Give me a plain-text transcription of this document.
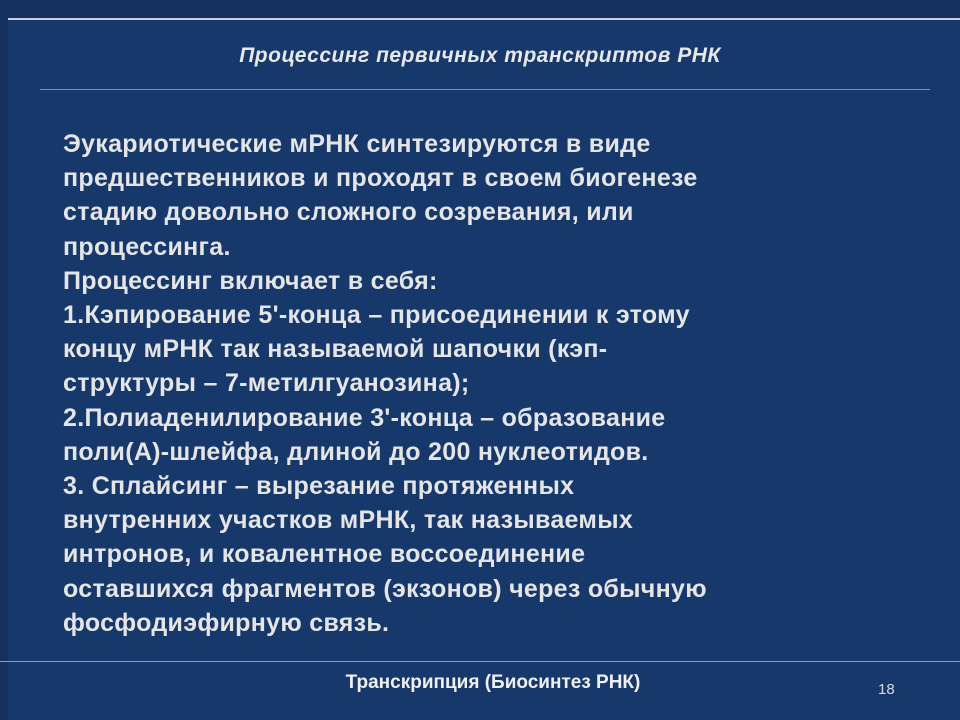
Процессинг первичных транскриптов РНК
Эукариотические мРНК синтезируются в виде
предшественников и проходят в своем биогенезе
стадию довольно сложного созревания, или
процессинга.
Процессинг включает в себя:
1.Кэпирование 5'-конца – присоединении к этому
концу мРНК так называемой шапочки (кэп-
структуры – 7-метилгуанозина);
2.Полиаденилирование 3'-конца – образование
поли(А)-шлейфа, длиной до 200 нуклеотидов.
3. Сплайсинг – вырезание протяженных
внутренних участков мРНК, так называемых
интронов, и ковалентное воссоединение
оставшихся фрагментов (экзонов) через обычную
фосфодиэфирную связь.
Транскрипция (Биосинтез РНК)	18
